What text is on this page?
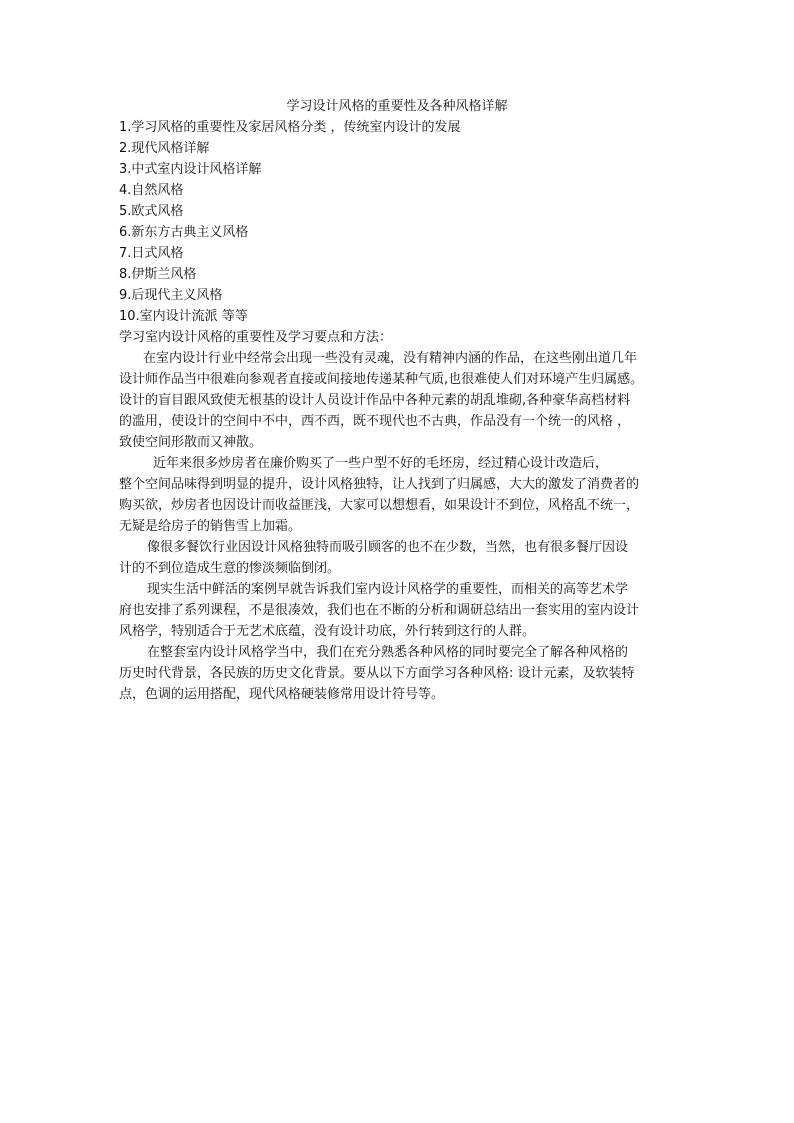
学习设计风格的重要性及各种风格详解
1.学习风格的重要性及家居风格分类 ，传统室内设计的发展
2.现代风格详解
3.中式室内设计风格详解
4.自然风格
5.欧式风格
6.新东方古典主义风格
7.日式风格
8.伊斯兰风格
9.后现代主义风格
10.室内设计流派 等等
学习室内设计风格的重要性及学习要点和方法：
在室内设计行业中经常会出现一些没有灵魂，没有精神内涵的作品，在这些刚出道几年
设计师作品当中很难向参观者直接或间接地传递某种气质,也很难使人们对环境产生归属感。
设计的盲目跟风致使无根基的设计人员设计作品中各种元素的胡乱堆砌,各种豪华高档材料
的滥用，使设计的空间中不中，西不西，既不现代也不古典，作品没有一个统一的风格 ，
致使空间形散而又神散。
近年来很多炒房者在廉价购买了一些户型不好的毛坯房，经过精心设计改造后，
整个空间品味得到明显的提升，设计风格独特，让人找到了归属感，大大的激发了消费者的
购买欲，炒房者也因设计而收益匪浅，大家可以想想看，如果设计不到位，风格乱不统一，
无疑是给房子的销售雪上加霜。
像很多餐饮行业因设计风格独特而吸引顾客的也不在少数，当然，也有很多餐厅因设
计的不到位造成生意的惨淡频临倒闭。
现实生活中鲜活的案例早就告诉我们室内设计风格学的重要性，而相关的高等艺术学
府也安排了系列课程，不是很凑效，我们也在不断的分析和调研总结出一套实用的室内设计
风格学，特别适合于无艺术底蕴，没有设计功底，外行转到这行的人群。
在整套室内设计风格学当中，我们在充分熟悉各种风格的同时要完全了解各种风格的
历史时代背景，各民族的历史文化背景。要从以下方面学习各种风格: 设计元素，及软装特
点，色调的运用搭配，现代风格硬装修常用设计符号等。
